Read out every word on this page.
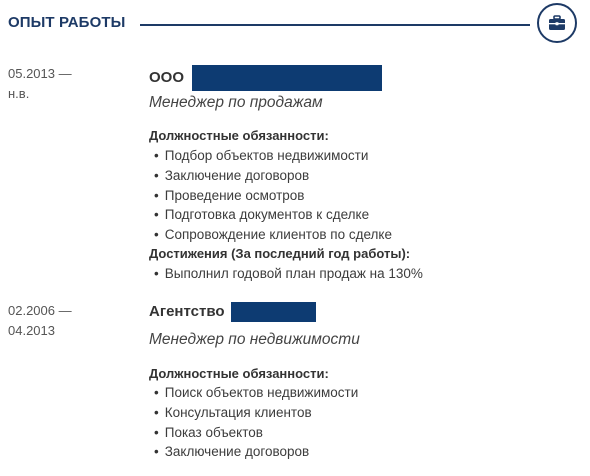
ОПЫТ РАБОТЫ
05.2013 —
н.в.
ООО
Менеджер по продажам
Должностные обязанности:
• Подбор объектов недвижимости
• Заключение договоров
• Проведение осмотров
• Подготовка документов к сделке
• Сопровождение клиентов по сделке
Достижения (За последний год работы):
• Выполнил годовой план продаж на 130%
02.2006 —
04.2013
Агентство
Менеджер по недвижимости
Должностные обязанности:
• Поиск объектов недвижимости
• Консультация клиентов
• Показ объектов
• Заключение договоров
